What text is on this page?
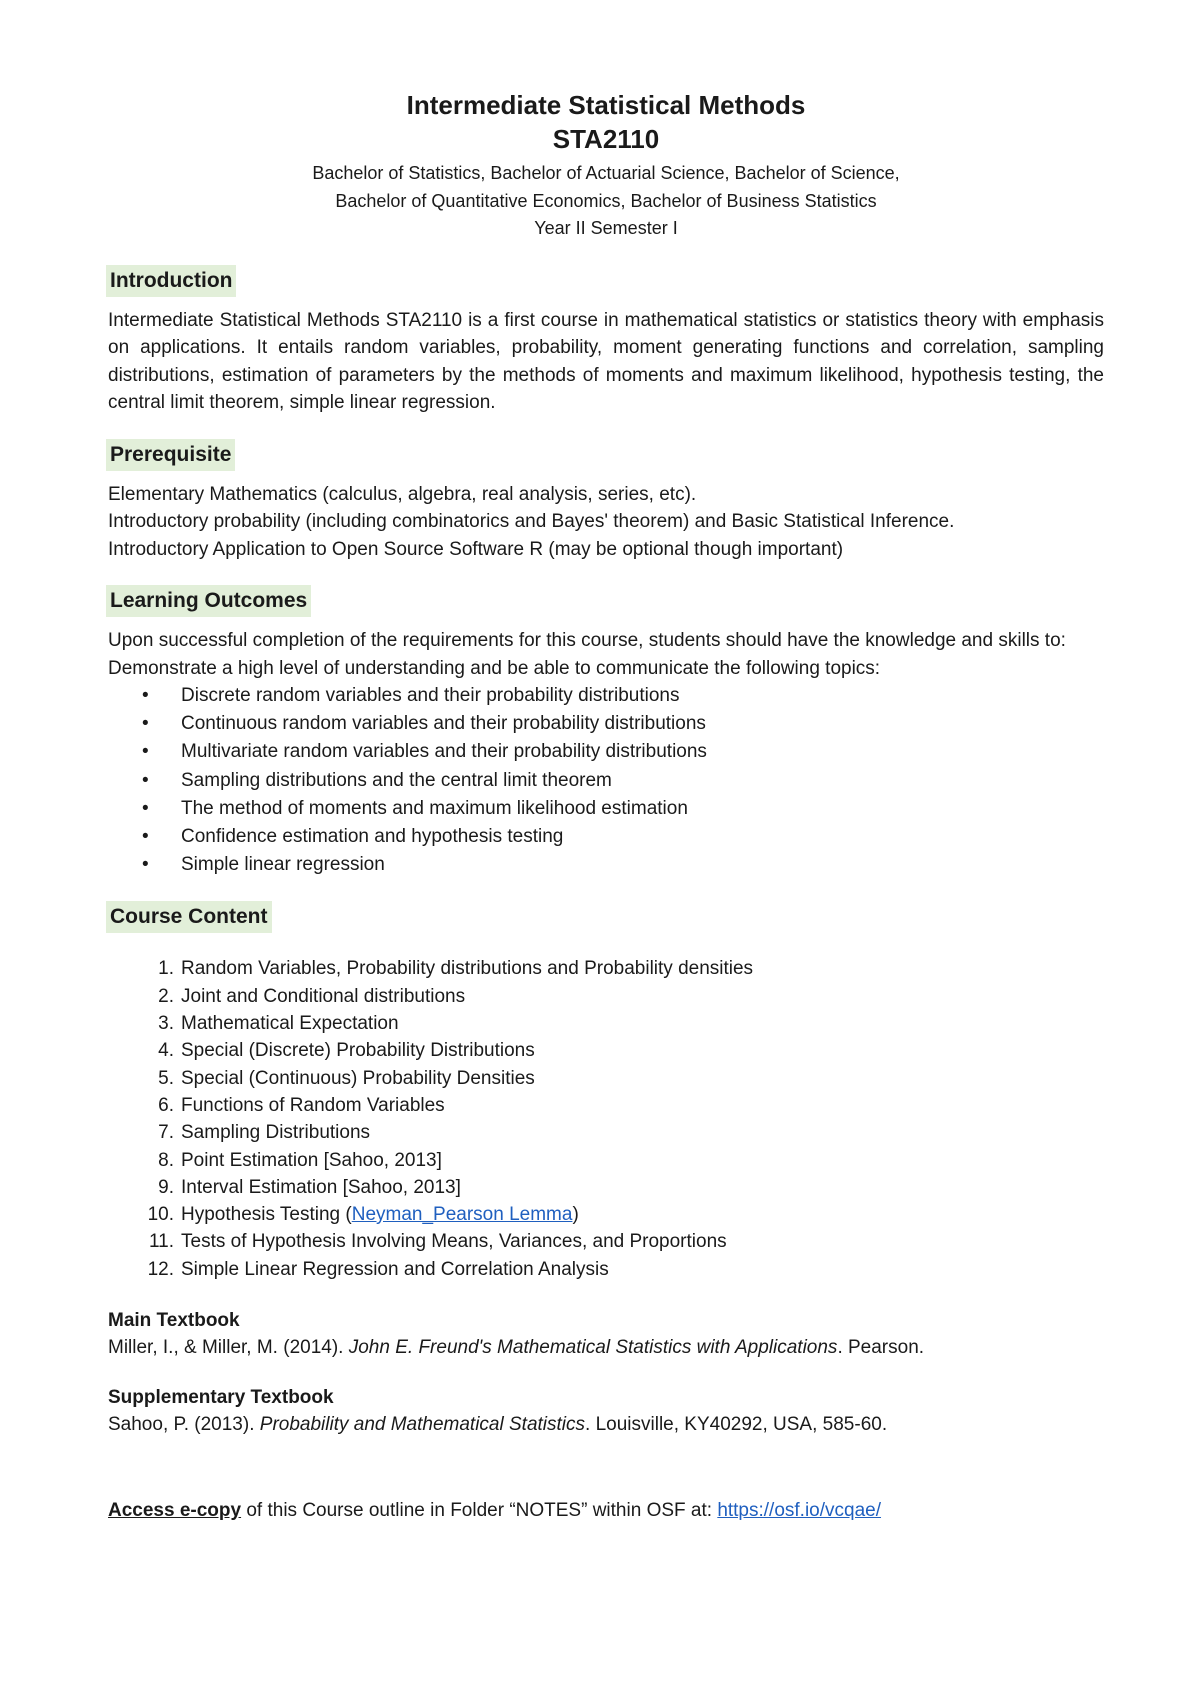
Intermediate Statistical Methods
STA2110
Bachelor of Statistics, Bachelor of Actuarial Science, Bachelor of Science,
Bachelor of Quantitative Economics, Bachelor of Business Statistics
Year II Semester I
Introduction

Intermediate Statistical Methods STA2110 is a first course in mathematical statistics or statistics theory with emphasis on applications. It entails random variables, probability, moment generating functions and correlation, sampling distributions, estimation of parameters by the methods of moments and maximum likelihood, hypothesis testing, the central limit theorem, simple linear regression.

Prerequisite

Elementary Mathematics (calculus, algebra, real analysis, series, etc).

Introductory probability (including combinatorics and Bayes' theorem) and Basic Statistical Inference.

Introductory Application to Open Source Software R (may be optional though important)

Learning Outcomes

Upon successful completion of the requirements for this course, students should have the knowledge and skills to:

Demonstrate a high level of understanding and be able to communicate the following topics:

• Discrete random variables and their probability distributions
• Continuous random variables and their probability distributions
• Multivariate random variables and their probability distributions
• Sampling distributions and the central limit theorem
• The method of moments and maximum likelihood estimation
• Confidence estimation and hypothesis testing
• Simple linear regression
Course Content
1. Random Variables, Probability distributions and Probability densities
2. Joint and Conditional distributions
3. Mathematical Expectation
4. Special (Discrete) Probability Distributions
5. Special (Continuous) Probability Densities
6. Functions of Random Variables
7. Sampling Distributions
8. Point Estimation [Sahoo, 2013]
9. Interval Estimation [Sahoo, 2013]
10. Hypothesis Testing (Neyman_Pearson Lemma)
11. Tests of Hypothesis Involving Means, Variances, and Proportions
12. Simple Linear Regression and Correlation Analysis

Main Textbook

Miller, I., & Miller, M. (2014). John E. Freund's Mathematical Statistics with Applications. Pearson.

Supplementary Textbook

Sahoo, P. (2013). Probability and Mathematical Statistics. Louisville, KY40292, USA, 585-60.

Access e-copy of this Course outline in Folder “NOTES” within OSF at: https://osf.io/vcqae/
